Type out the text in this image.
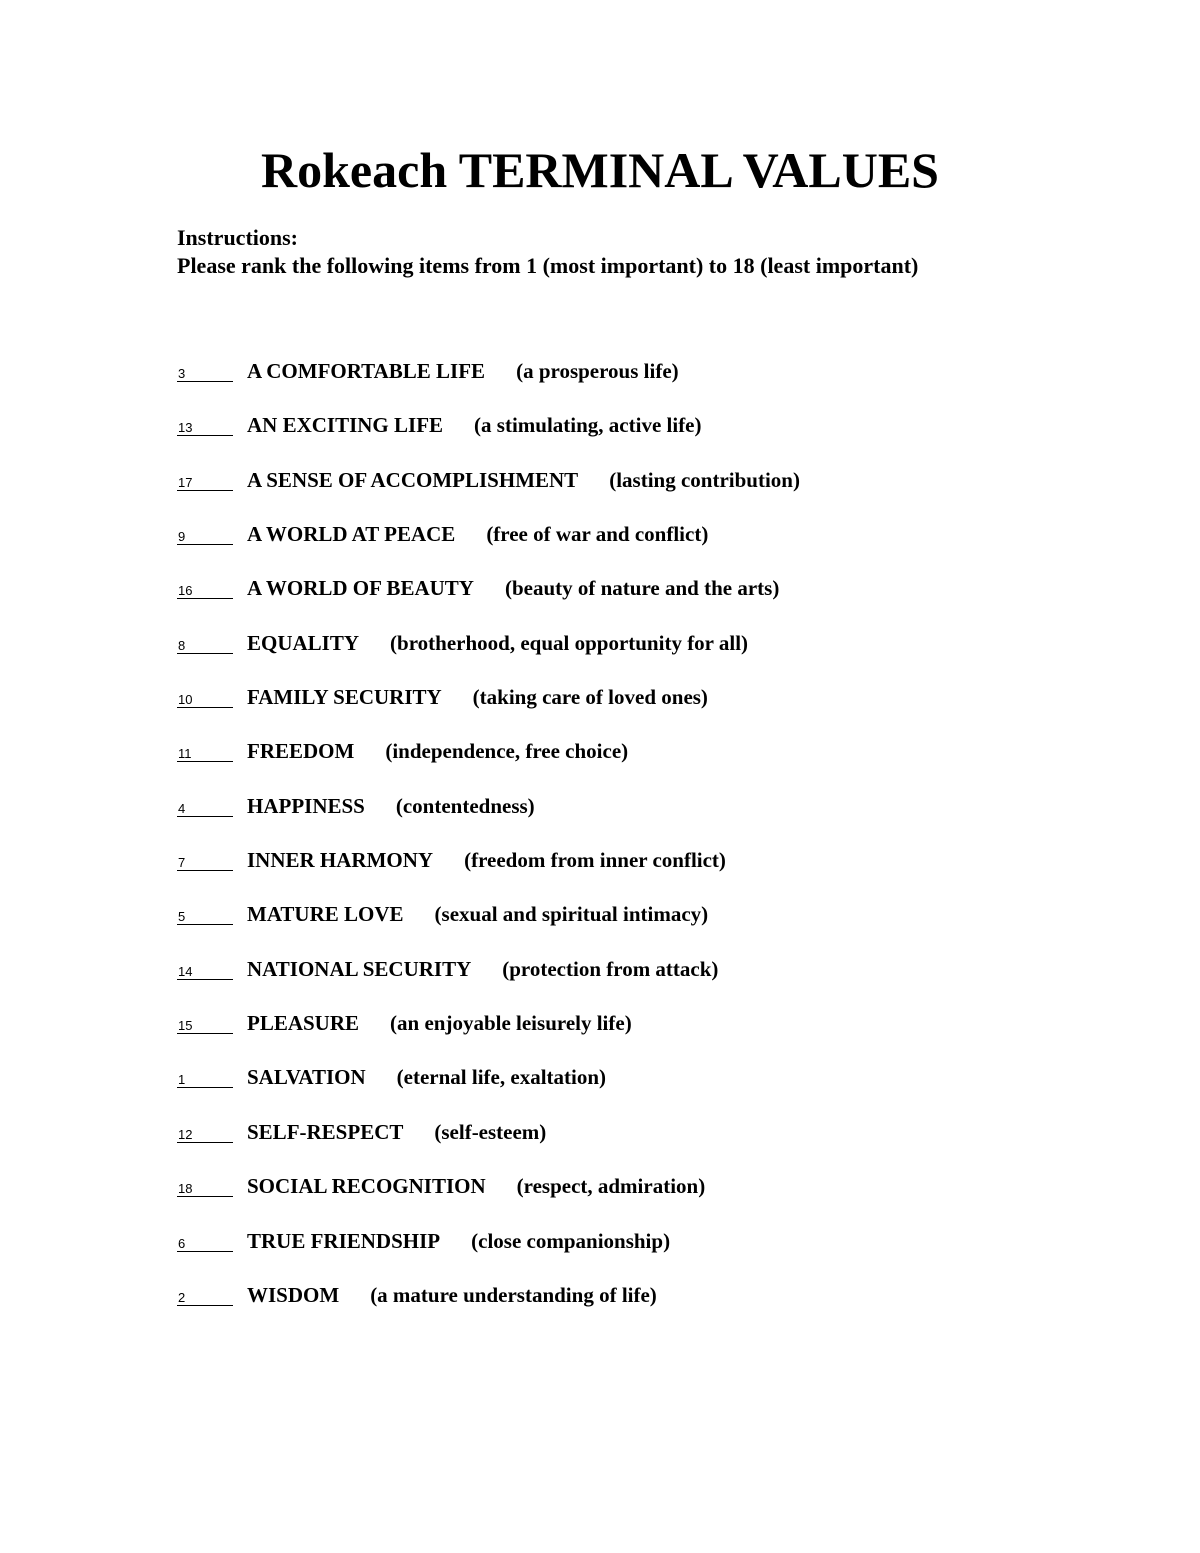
Rokeach TERMINAL VALUES
Instructions:
Please rank the following items from 1 (most important) to 18 (least important)
3	A COMFORTABLE LIFE (a prosperous life)
13	AN EXCITING LIFE (a stimulating, active life)
17	A SENSE OF ACCOMPLISHMENT (lasting contribution)
9	A WORLD AT PEACE (free of war and conflict)
16	A WORLD OF BEAUTY (beauty of nature and the arts)
8	EQUALITY (brotherhood, equal opportunity for all)
10	FAMILY SECURITY (taking care of loved ones)
11	FREEDOM (independence, free choice)
4	HAPPINESS (contentedness)
7	INNER HARMONY (freedom from inner conflict)
5	MATURE LOVE (sexual and spiritual intimacy)
14	NATIONAL SECURITY (protection from attack)
15	PLEASURE (an enjoyable leisurely life)
1	SALVATION (eternal life, exaltation)
12	SELF-RESPECT (self-esteem)
18	SOCIAL RECOGNITION (respect, admiration)
6	TRUE FRIENDSHIP (close companionship)
2	WISDOM (a mature understanding of life)
